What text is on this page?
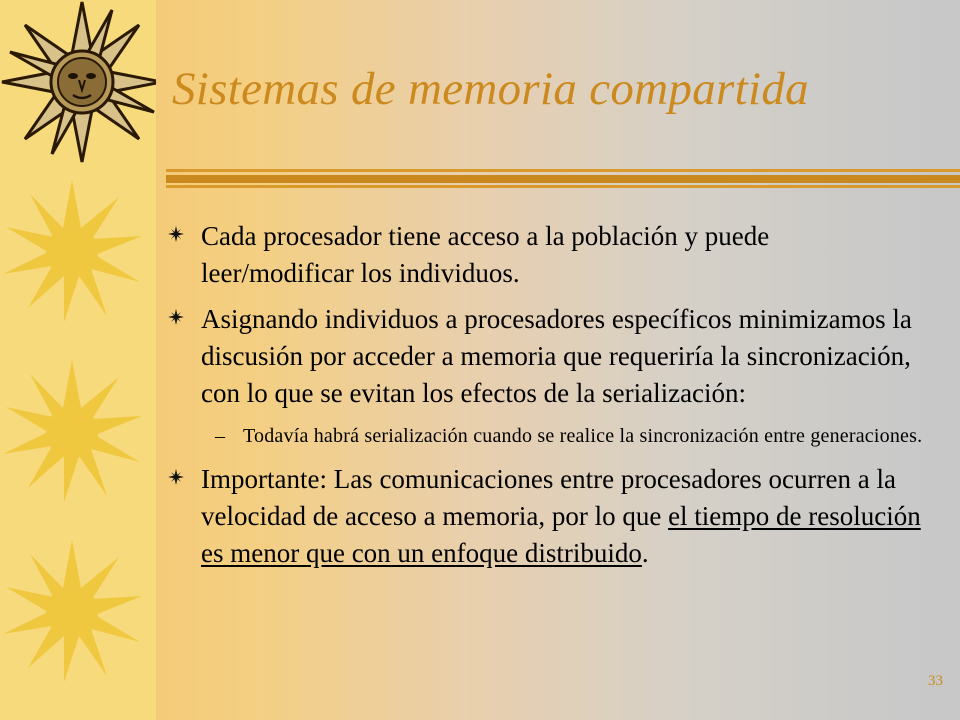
Sistemas de memoria compartida
Cada procesador tiene acceso a la población y puede leer/modificar los individuos.
Asignando individuos a procesadores específicos minimizamos la discusión por acceder a memoria que requeriría la sincronización, con lo que se evitan los efectos de la serialización:
– Todavía habrá serialización cuando se realice la sincronización entre generaciones.
Importante: Las comunicaciones entre procesadores ocurren a la velocidad de acceso a memoria, por lo que el tiempo de resolución es menor que con un enfoque distribuido.
33
